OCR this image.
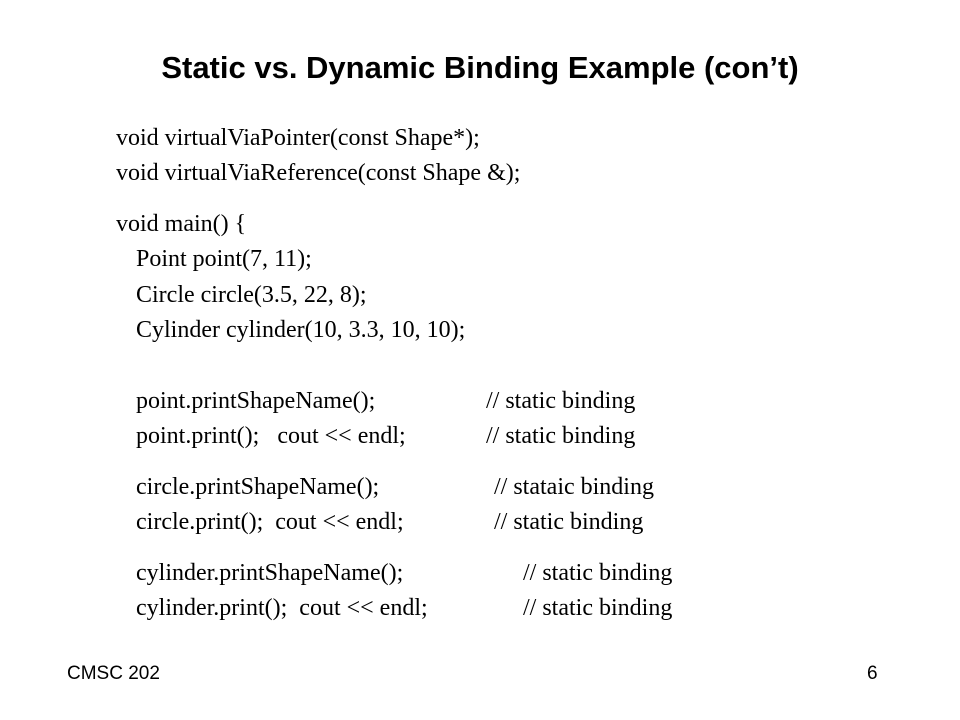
Static vs. Dynamic Binding Example (con’t)
void virtualViaPointer(const Shape*);
void virtualViaReference(const Shape &);
void main() {
Point point(7, 11);
Circle circle(3.5, 22, 8);
Cylinder cylinder(10, 3.3, 10, 10);
point.printShapeName();	// static binding
point.print();   cout << endl;	// static binding
circle.printShapeName();	// stataic binding
circle.print();  cout << endl;	// static binding
cylinder.printShapeName();	// static binding
cylinder.print();  cout << endl;	// static binding
CMSC 202	6
